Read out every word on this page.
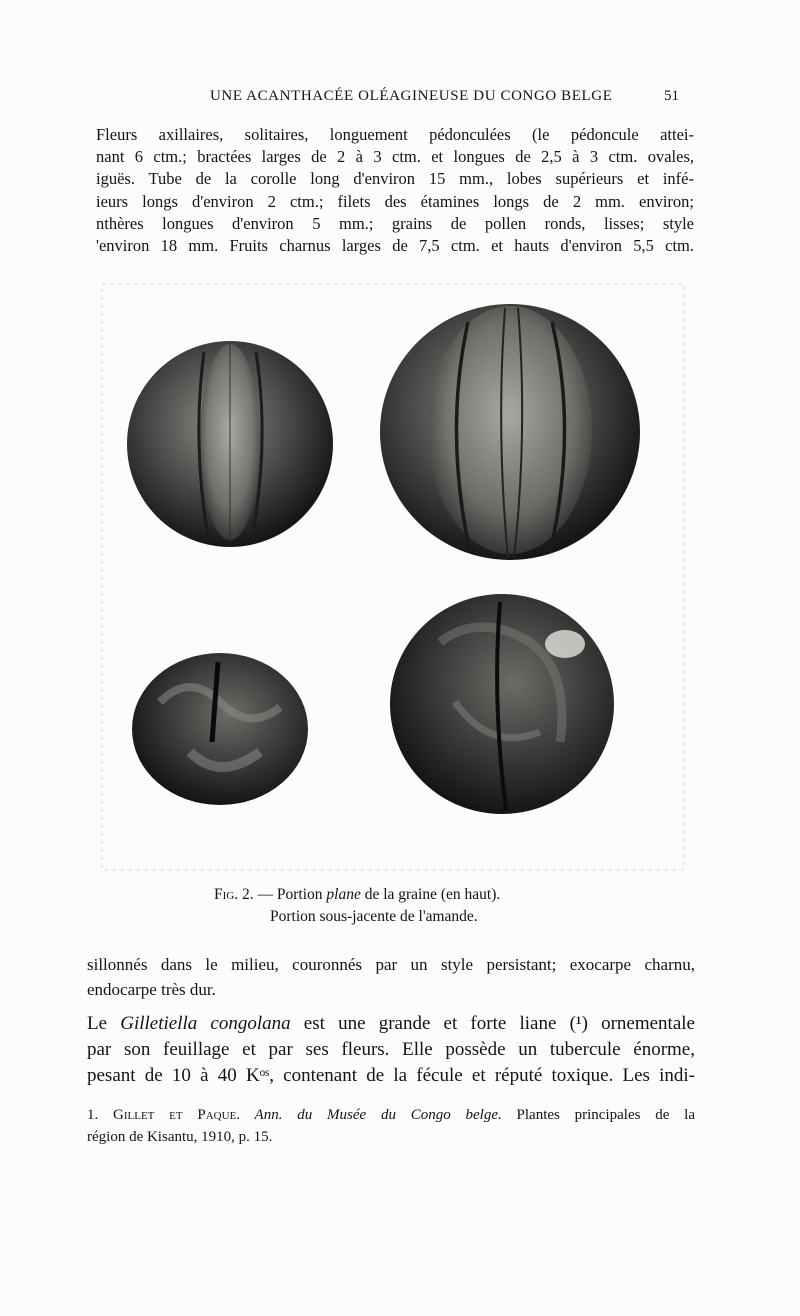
UNE ACANTHACÉE OLÉAGINEUSE DU CONGO BELGE	51
Fleurs axillaires, solitaires, longuement pédonculées (le pédoncule attei-
nant 6 ctm.; bractées larges de 2 à 3 ctm. et longues de 2,5 à 3 ctm. ovales,
iguës. Tube de la corolle long d'environ 15 mm., lobes supérieurs et infé-
ieurs longs d'environ 2 ctm.; filets des étamines longs de 2 mm. environ;
nthères longues d'environ 5 mm.; grains de pollen ronds, lisses; style
'environ 18 mm. Fruits charnus larges de 7,5 ctm. et hauts d'environ 5,5 ctm.
Fig. 2. — Portion plane de la graine (en haut).
Portion sous-jacente de l'amande.
sillonnés dans le milieu, couronnés par un style persistant; exocarpe charnu,
endocarpe très dur.
Le Gilletiella congolana est une grande et forte liane (¹) ornementale
par son feuillage et par ses fleurs. Elle possède un tubercule énorme,
pesant de 10 à 40 Kᵒˢ, contenant de la fécule et réputé toxique. Les indi-
1. Gillet et Paque. Ann. du Musée du Congo belge. Plantes principales de la
région de Kisantu, 1910, p. 15.
